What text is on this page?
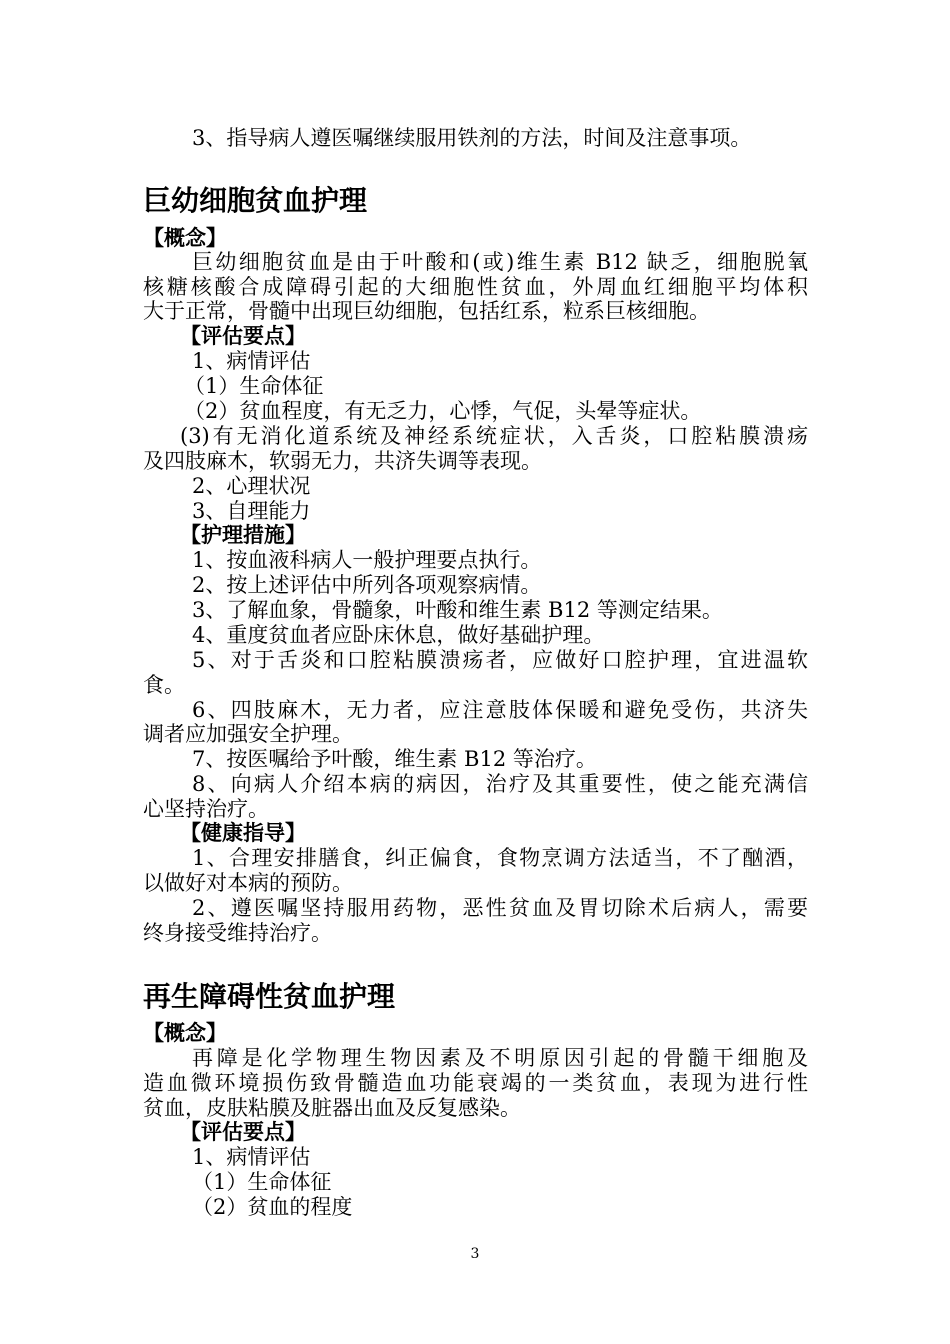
3、指导病人遵医嘱继续服用铁剂的方法，时间及注意事项。
巨幼细胞贫血护理
【概念】
巨幼细胞贫血是由于叶酸和(或)维生素 B12 缺乏，细胞脱氧
核糖核酸合成障碍引起的大细胞性贫血，外周血红细胞平均体积
大于正常，骨髓中出现巨幼细胞，包括红系，粒系巨核细胞。
【评估要点】
1、病情评估
（1）生命体征
（2）贫血程度，有无乏力，心悸，气促，头晕等症状。
(3)有无消化道系统及神经系统症状，入舌炎，口腔粘膜溃疡
及四肢麻木，软弱无力，共济失调等表现。
2、心理状况
3、自理能力
【护理措施】
1、按血液科病人一般护理要点执行。
2、按上述评估中所列各项观察病情。
3、了解血象，骨髓象，叶酸和维生素 B12 等测定结果。
4、重度贫血者应卧床休息，做好基础护理。
5、对于舌炎和口腔粘膜溃疡者，应做好口腔护理，宜进温软
食。
6、四肢麻木，无力者，应注意肢体保暖和避免受伤，共济失
调者应加强安全护理。
7、按医嘱给予叶酸，维生素 B12 等治疗。
8、向病人介绍本病的病因，治疗及其重要性，使之能充满信
心坚持治疗。
【健康指导】
1、合理安排膳食，纠正偏食，食物烹调方法适当，不了酗酒，
以做好对本病的预防。
2、遵医嘱坚持服用药物，恶性贫血及胃切除术后病人，需要
终身接受维持治疗。
再生障碍性贫血护理
【概念】
再障是化学物理生物因素及不明原因引起的骨髓干细胞及
造血微环境损伤致骨髓造血功能衰竭的一类贫血，表现为进行性
贫血，皮肤粘膜及脏器出血及反复感染。
【评估要点】
1、病情评估
（1）生命体征
（2）贫血的程度
3
